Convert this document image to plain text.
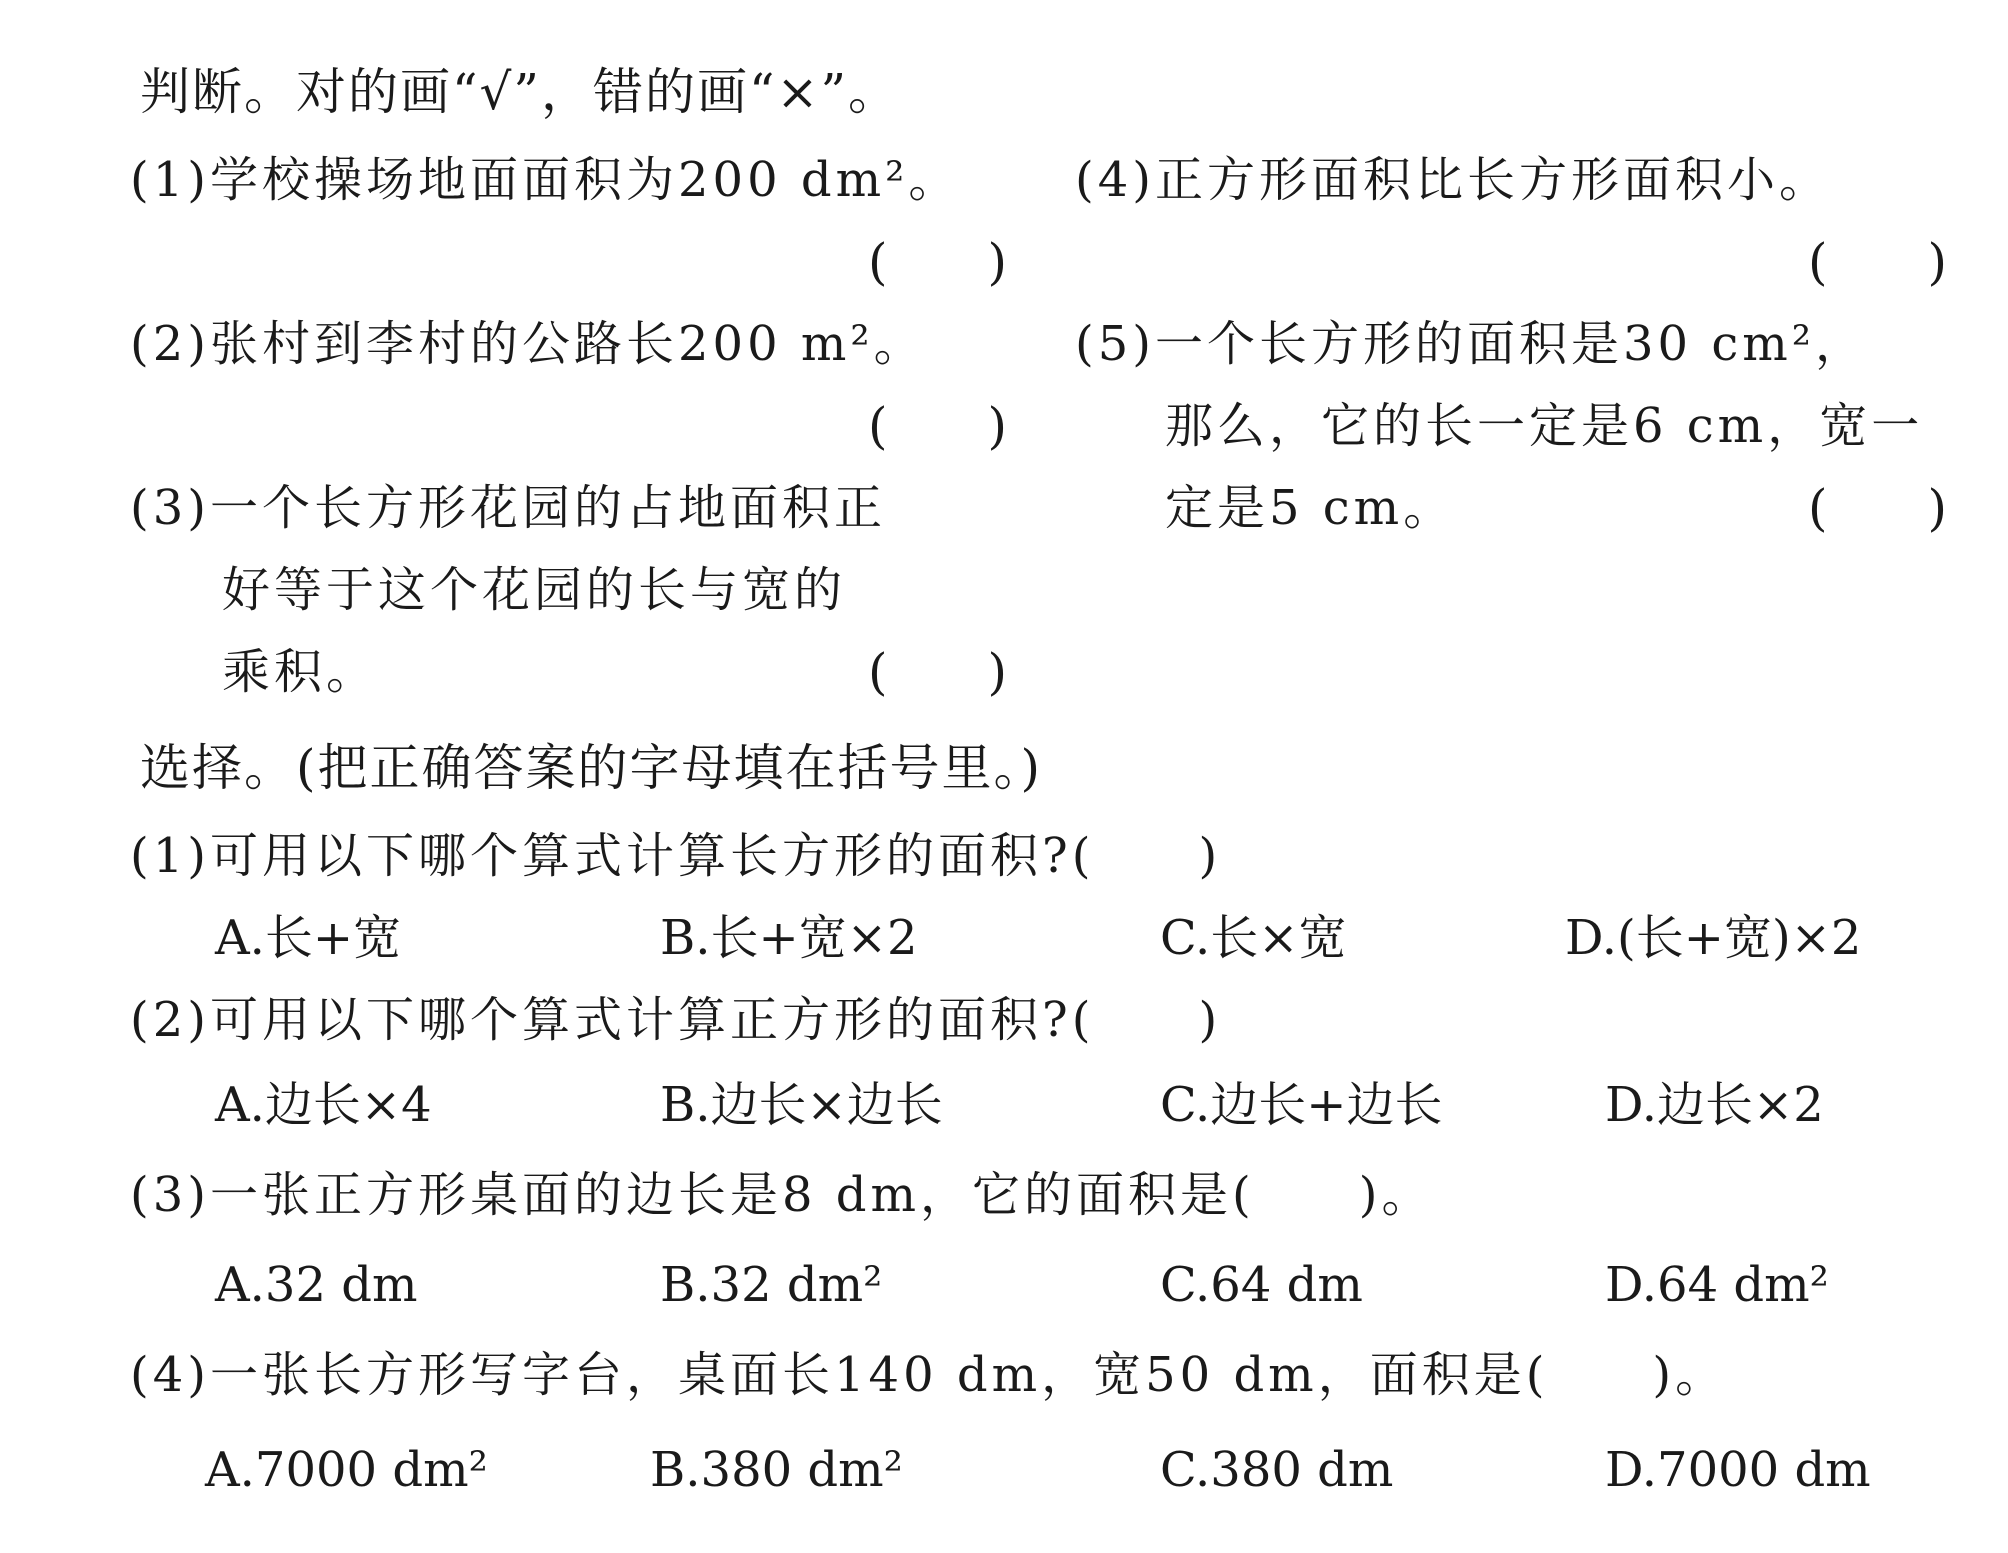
判断。对的画“√”，错的画“×”。
(1)学校操场地面面积为200 dm²。
(　　)
(2)张村到李村的公路长200 m²。
(　　)
(3)一个长方形花园的占地面积正
好等于这个花园的长与宽的
乘积。	(　　)
(4)正方形面积比长方形面积小。
(　　)
(5)一个长方形的面积是30 cm²，
那么，它的长一定是6 cm，宽一
定是5 cm。	(　　)
选择。(把正确答案的字母填在括号里。)
(1)可用以下哪个算式计算长方形的面积?(　　)
A.长+宽	B.长+宽×2	C.长×宽	D.(长+宽)×2
(2)可用以下哪个算式计算正方形的面积?(　　)
A.边长×4	B.边长×边长	C.边长+边长	D.边长×2
(3)一张正方形桌面的边长是8 dm，它的面积是(　　)。
A.32 dm	B.32 dm²	C.64 dm	D.64 dm²
(4)一张长方形写字台，桌面长140 dm，宽50 dm，面积是(　　)。
A.7000 dm²	B.380 dm²	C.380 dm	D.7000 dm
